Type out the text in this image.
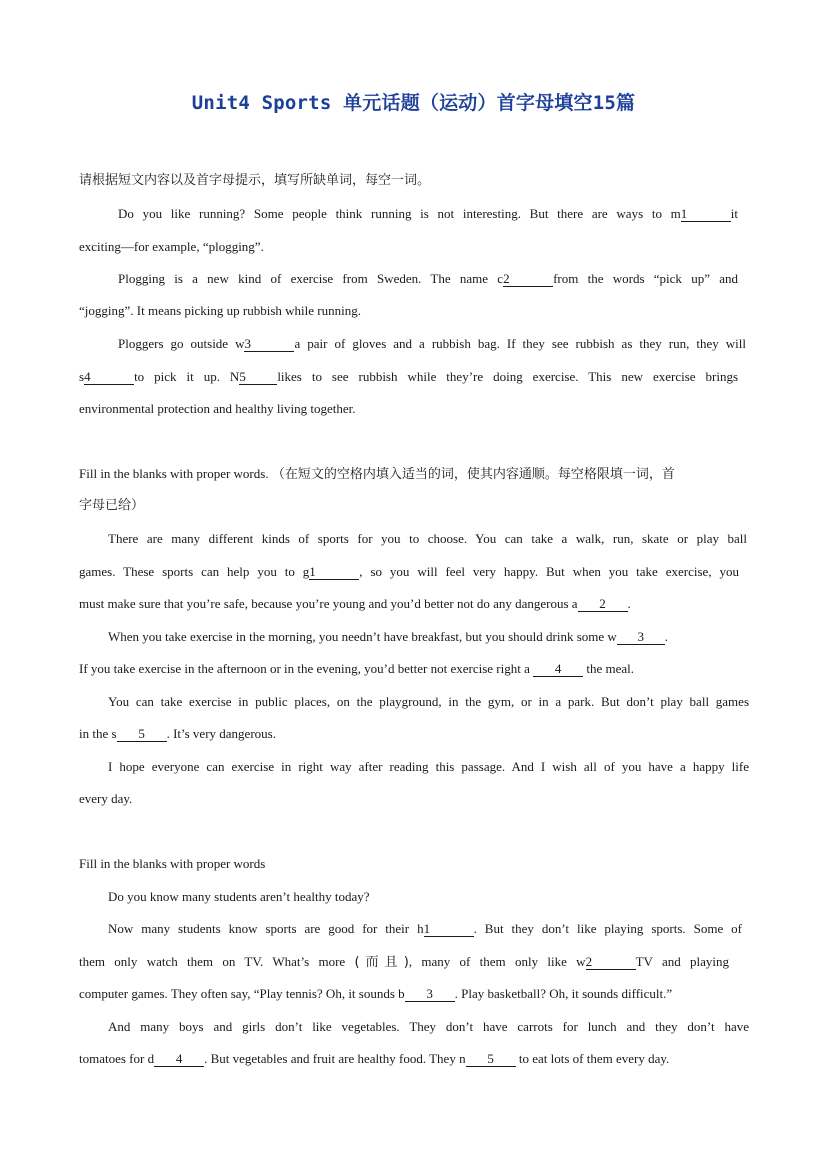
Unit4 Sports 单元话题（运动）首字母填空15篇

请根据短文内容以及首字母提示，填写所缺单词，每空一词。

Do you like running? Some people think running is not interesting. But there are ways to m1	it

exciting—for example, “plogging”.

Plogging is a new kind of exercise from Sweden. The name c2	from the words “pick up” and

“jogging”. It means picking up rubbish while running.

Ploggers go outside w3	a pair of gloves and a rubbish bag. If they see rubbish as they run, they will

s4	to pick it up. N5 likes to see rubbish while they’re doing exercise. This new exercise brings

environmental protection and healthy living together.

Fill in the blanks with proper words. （在短文的空格内填入适当的词，使其内容通顺。每空格限填一词，首

字母已给）

There are many different kinds of sports for you to choose. You can take a walk, run, skate or play ball

games. These sports can help you to g1	, so you will feel very happy. But when you take exercise, you

must make sure that you’re safe, because you’re young and you’d better not do any dangerous a 2 .

When you take exercise in the morning, you needn’t have breakfast, but you should drink some w 3 .

If you take exercise in the afternoon or in the evening, you’d better not exercise right a 4 the meal.

You can take exercise in public places, on the playground, in the gym, or in a park. But don’t play ball games

in the s 5 . It’s very dangerous.

I hope everyone can exercise in right way after reading this passage. And I wish all of you have a happy life

every day.

Fill in the blanks with proper words

Do you know many students aren’t healthy today?

Now many students know sports are good for their h1	. But they don’t like playing sports. Some of

them only watch them on TV. What’s more (而且), many of them only like w2	TV and playing

computer games. They often say, “Play tennis? Oh, it sounds b 3 . Play basketball? Oh, it sounds difficult.”

And many boys and girls don’t like vegetables. They don’t have carrots for lunch and they don’t have

tomatoes for d 4 . But vegetables and fruit are healthy food. They n 5 to eat lots of them every day.
